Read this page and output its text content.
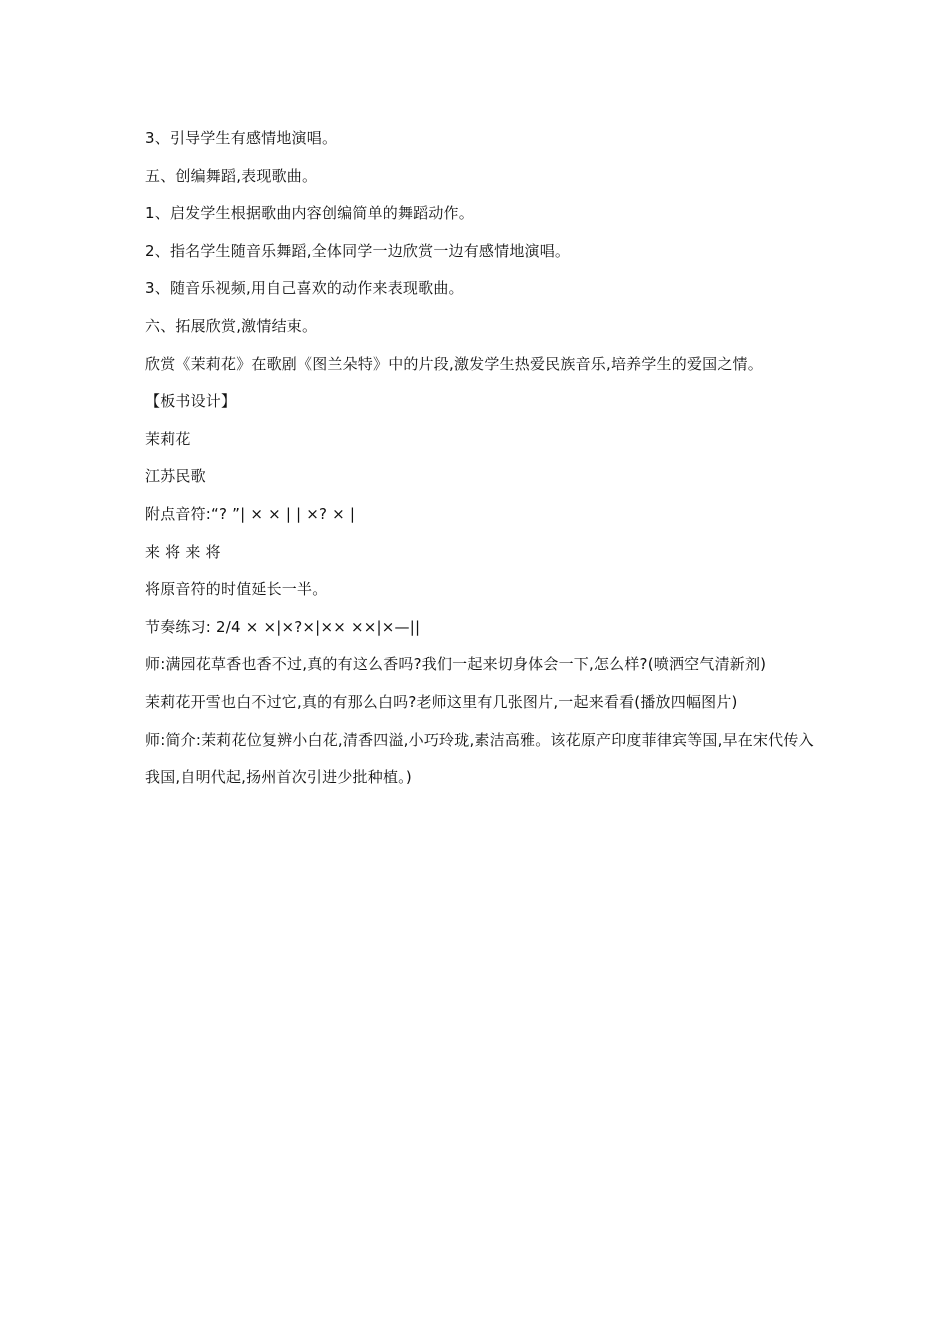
3、引导学生有感情地演唱。
五、创编舞蹈,表现歌曲。
1、启发学生根据歌曲内容创编简单的舞蹈动作。
2、指名学生随音乐舞蹈,全体同学一边欣赏一边有感情地演唱。
3、随音乐视频,用自己喜欢的动作来表现歌曲。
六、拓展欣赏,激情结束。
欣赏《茉莉花》在歌剧《图兰朵特》中的片段,激发学生热爱民族音乐,培养学生的爱国之情。
【板书设计】
茉莉花
江苏民歌
附点音符:“? ”| × × | | ×? × |
来 将 来 将
将原音符的时值延长一半。
节奏练习: 2/4 × ×|×?×|×× ××|×—||
师:满园花草香也香不过,真的有这么香吗?我们一起来切身体会一下,怎么样?(喷洒空气清新剂)
茉莉花开雪也白不过它,真的有那么白吗?老师这里有几张图片,一起来看看(播放四幅图片)
师:简介:茉莉花位复辨小白花,清香四溢,小巧玲珑,素洁高雅。该花原产印度菲律宾等国,早在宋代传入我国,自明代起,扬州首次引进少批种植。)
